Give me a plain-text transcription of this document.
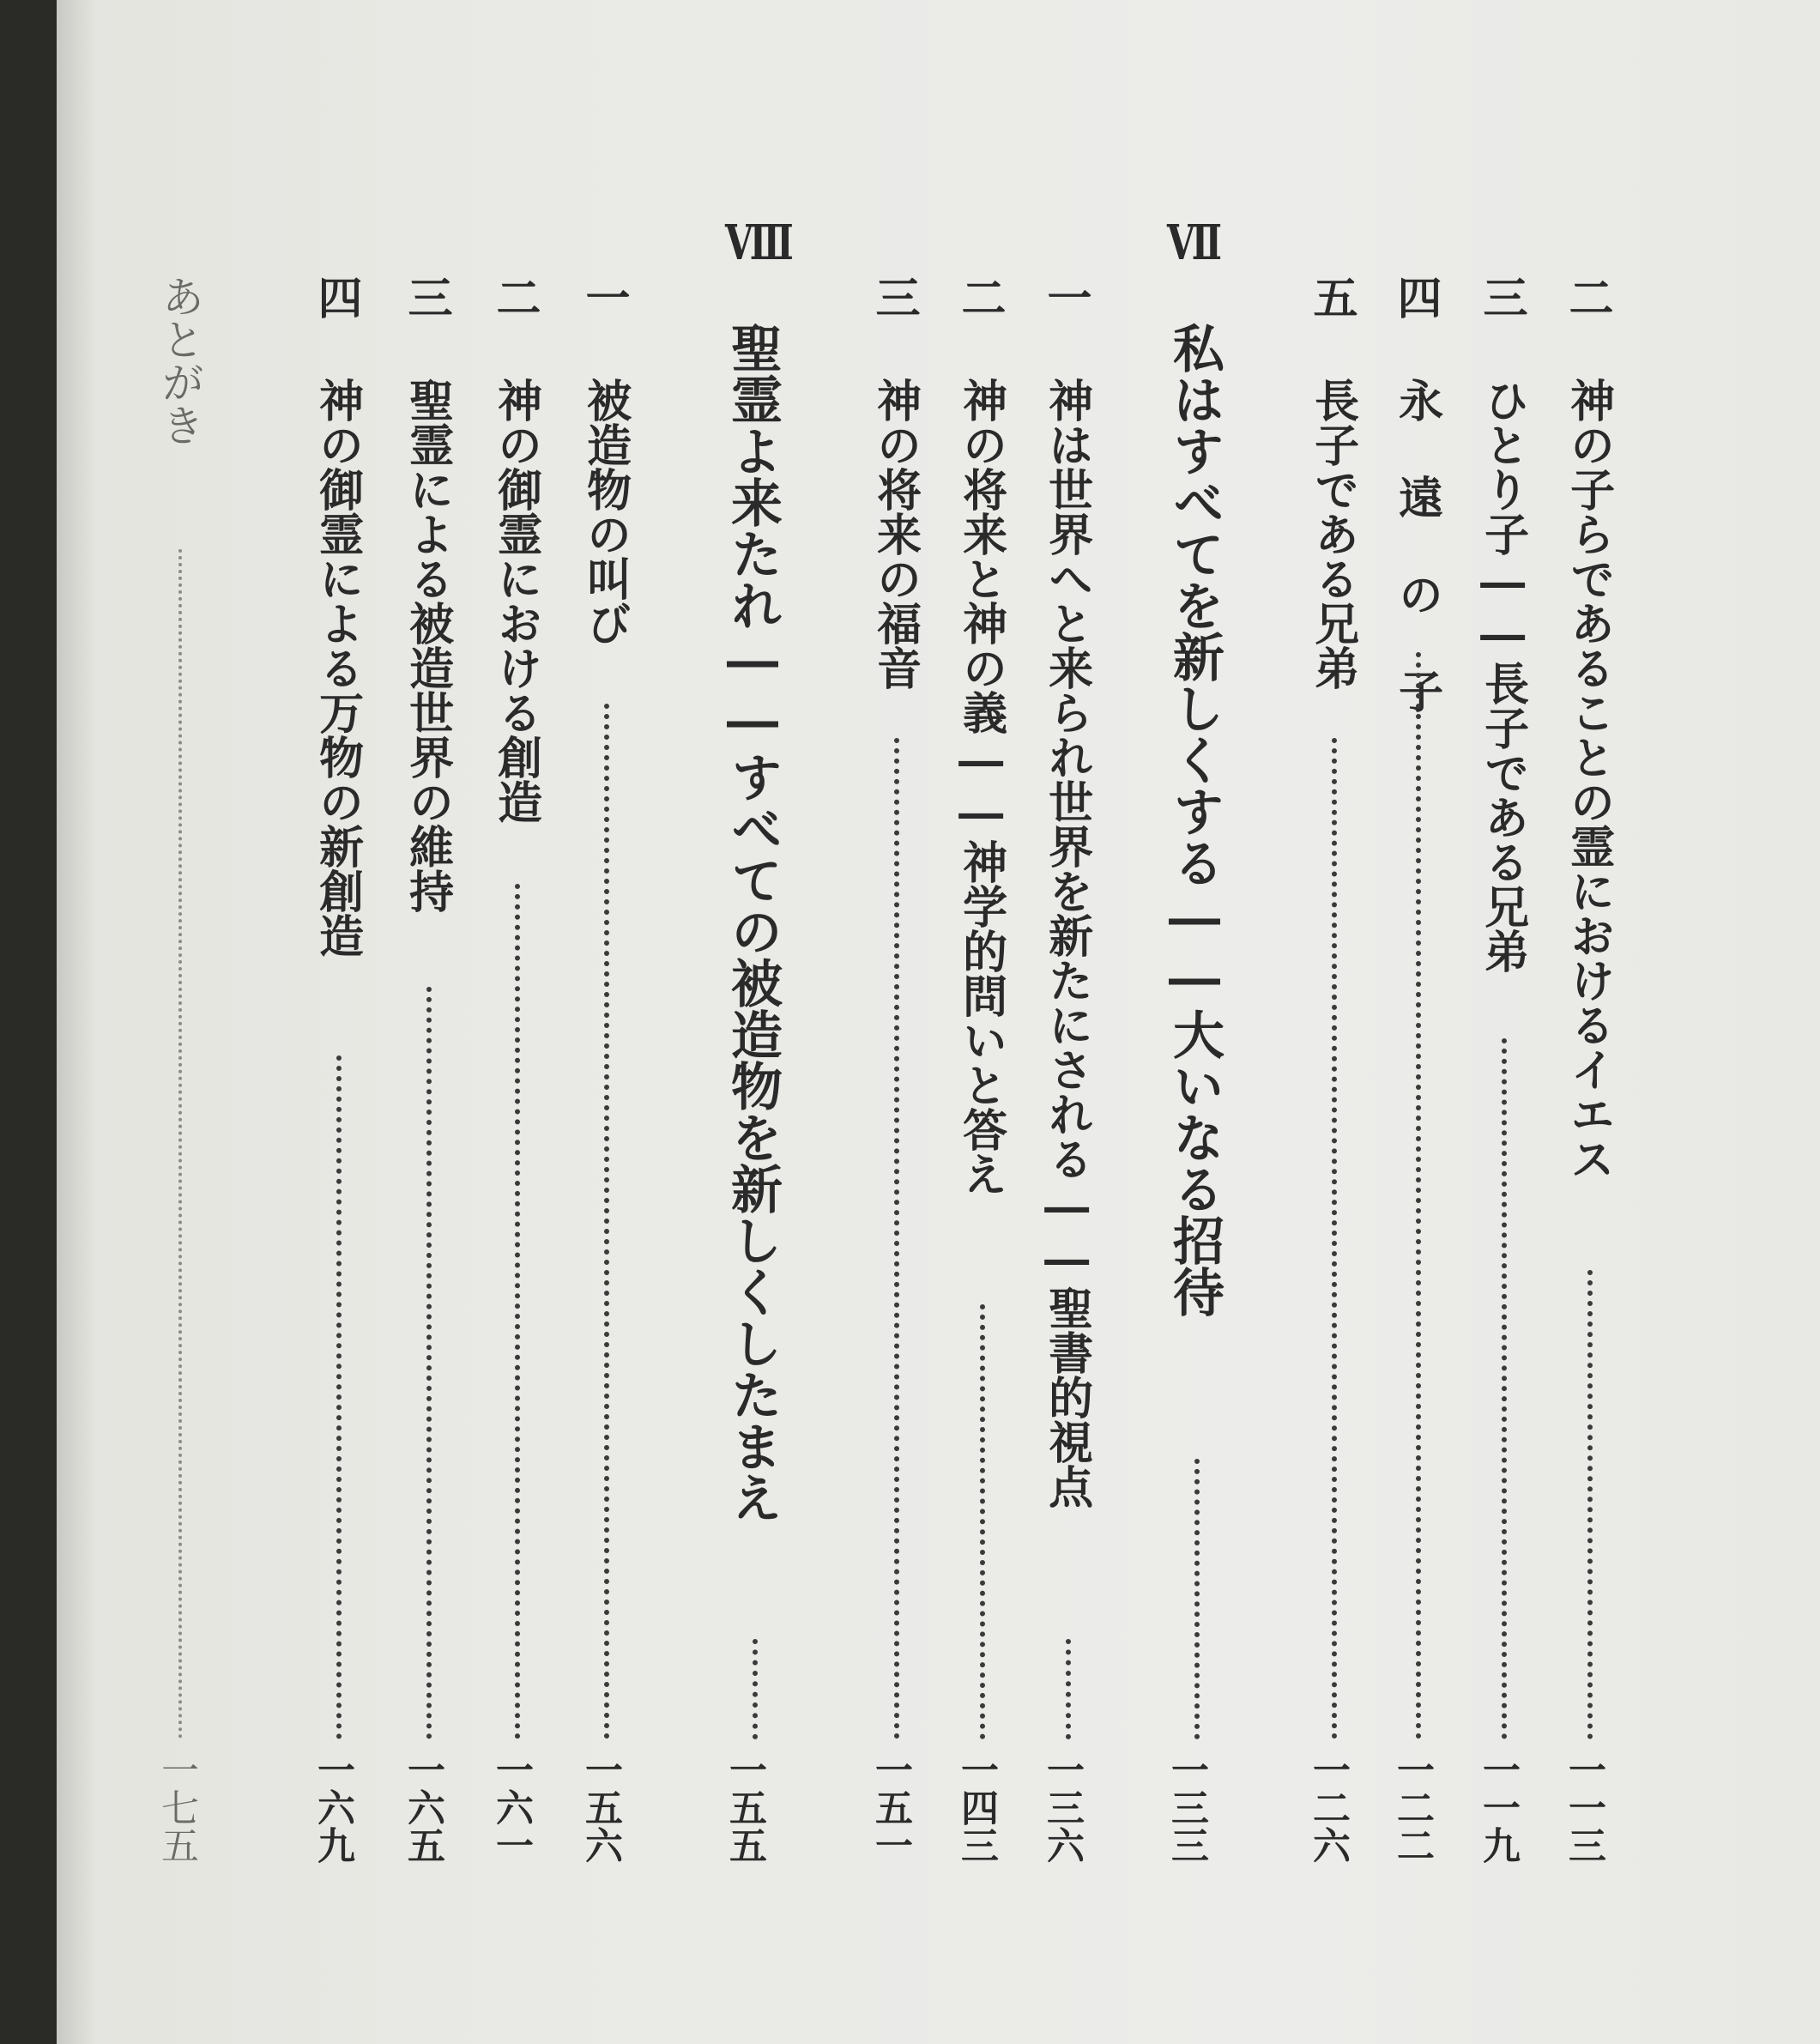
二
神の子らであることの霊におけるイエス
一一三
三
ひとり子――長子である兄弟
一一九
四
永 遠 の 子
一二二
五
長子である兄弟
一二六
Ⅶ
私はすべてを新しくする――大いなる招待
一三三
一
神は世界へと来られ世界を新たにされる――聖書的視点
一三六
二
神の将来と神の義――神学的問いと答え
一四三
三
神の将来の福音
一五一
Ⅷ
聖霊よ来たれ――すべての被造物を新しくしたまえ
一五五
一
被造物の叫び
一五六
二
神の御霊における創造
一六一
三
聖霊による被造世界の維持
一六五
四
神の御霊による万物の新創造
一六九
あとがき
一七五
